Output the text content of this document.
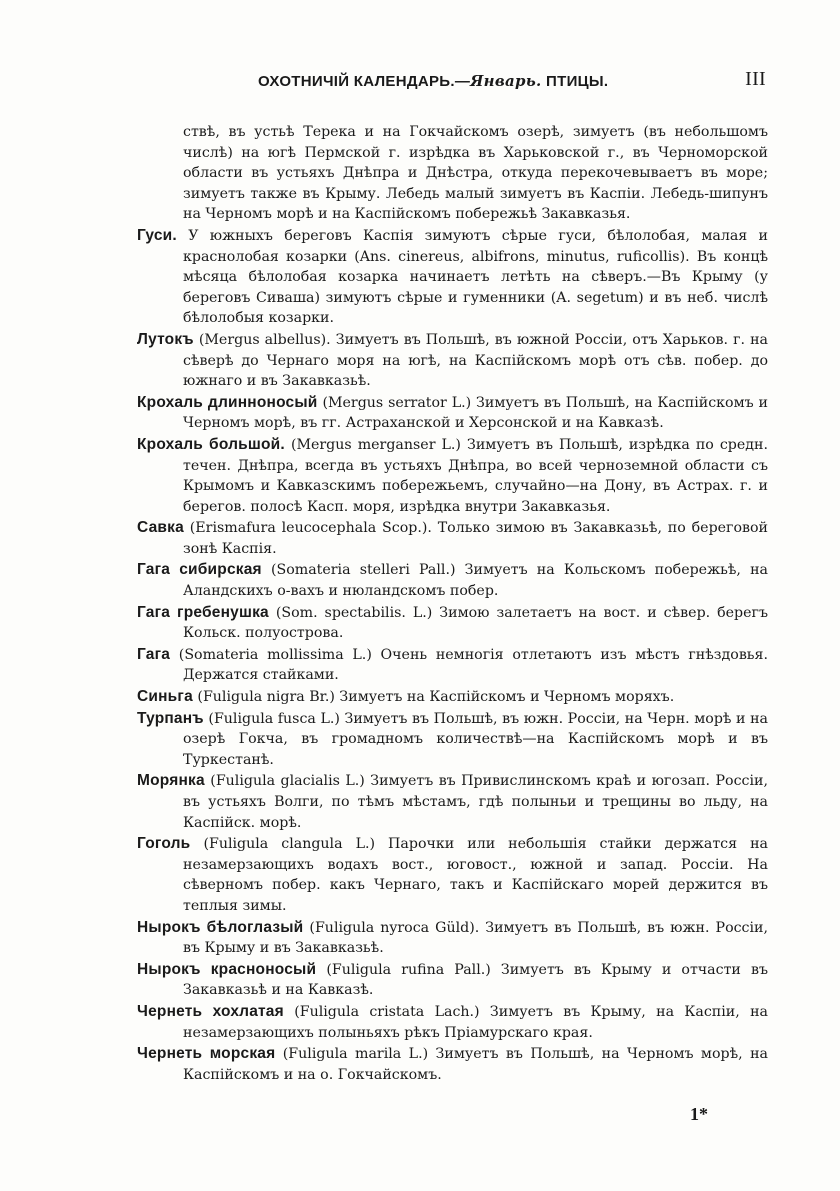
ОХОТНИЧІЙ КАЛЕНДАРЬ.—Январь. ПТИЦЫ.	III

ствѣ, въ устьѣ Терека и на Гокчайскомъ озерѣ, зимуетъ (въ небольшомъ числѣ) на югѣ Пермской г. изрѣдка въ Харьковской г., въ Черноморской области въ устьяхъ Днѣпра и Днѣстра, откуда перекочевываетъ въ море; зимуетъ также въ Крыму. Лебедь малый зимуетъ въ Каспіи. Лебедь-шипунъ на Черномъ морѣ и на Каспійскомъ побережьѣ Закавказья.

Гуси. У южныхъ береговъ Каспія зимуютъ сѣрые гуси, бѣлолобая, малая и краснолобая козарки (Ans. cinereus, albifrons, minutus, ruficollis). Въ концѣ мѣсяца бѣлолобая козарка начинаетъ летѣть на сѣверъ.—Въ Крыму (у береговъ Сиваша) зимуютъ сѣрые и гуменники (A. segetum) и въ неб. числѣ бѣлолобыя козарки.

Лутокъ (Mergus albellus). Зимуетъ въ Польшѣ, въ южной Россіи, отъ Харьков. г. на сѣверѣ до Чернаго моря на югѣ, на Каспійскомъ морѣ отъ сѣв. побер. до южнаго и въ Закавказьѣ.

Крохаль длинноносый (Mergus serrator L.) Зимуетъ въ Польшѣ, на Каспійскомъ и Черномъ морѣ, въ гг. Астраханской и Херсонской и на Кавказѣ.

Крохаль большой. (Mergus merganser L.) Зимуетъ въ Польшѣ, изрѣдка по средн. течен. Днѣпра, всегда въ устьяхъ Днѣпра, во всей черноземной области съ Крымомъ и Кавказскимъ побережьемъ, случайно—на Дону, въ Астрах. г. и берегов. полосѣ Касп. моря, изрѣдка внутри Закавказья.

Савка (Erismafura leucocephala Scop.). Только зимою въ Закавказьѣ, по береговой зонѣ Каспія.

Гага сибирская (Somateria stelleri Pall.) Зимуетъ на Кольскомъ побережьѣ, на Аландскихъ о-вахъ и нюландскомъ побер.

Гага гребенушка (Som. spectabilis. L.) Зимою залетаетъ на вост. и сѣвер. берегъ Кольск. полуострова.

Гага (Somateria mollissima L.) Очень немногія отлетаютъ изъ мѣстъ гнѣздовья. Держатся стайками.

Синьга (Fuligula nigra Br.) Зимуетъ на Каспійскомъ и Черномъ моряхъ.

Турпанъ (Fuligula fusca L.) Зимуетъ въ Польшѣ, въ южн. Россіи, на Черн. морѣ и на озерѣ Гокча, въ громадномъ количествѣ—на Каспійскомъ морѣ и въ Туркестанѣ.

Морянка (Fuligula glacialis L.) Зимуетъ въ Привислинскомъ краѣ и югозап. Россіи, въ устьяхъ Волги, по тѣмъ мѣстамъ, гдѣ полыньи и трещины во льду, на Каспійск. морѣ.

Гоголь (Fuligula clangula L.) Парочки или небольшія стайки держатся на незамерзающихъ водахъ вост., юговост., южной и запад. Россіи. На сѣверномъ побер. какъ Чернаго, такъ и Каспійскаго морей держится въ теплыя зимы.

Нырокъ бѣлоглазый (Fuligula nyroca Güld). Зимуетъ въ Польшѣ, въ южн. Россіи, въ Крыму и въ Закавказьѣ.

Нырокъ красноносый (Fuligula rufina Pall.) Зимуетъ въ Крыму и отчасти въ Закавказьѣ и на Кавказѣ.

Чернеть хохлатая (Fuligula cristata Lach.) Зимуетъ въ Крыму, на Каспіи, на незамерзающихъ полыньяхъ рѣкъ Пріамурскаго края.

Чернеть морская (Fuligula marila L.) Зимуетъ въ Польшѣ, на Черномъ морѣ, на Каспійскомъ и на о. Гокчайскомъ.

1*
